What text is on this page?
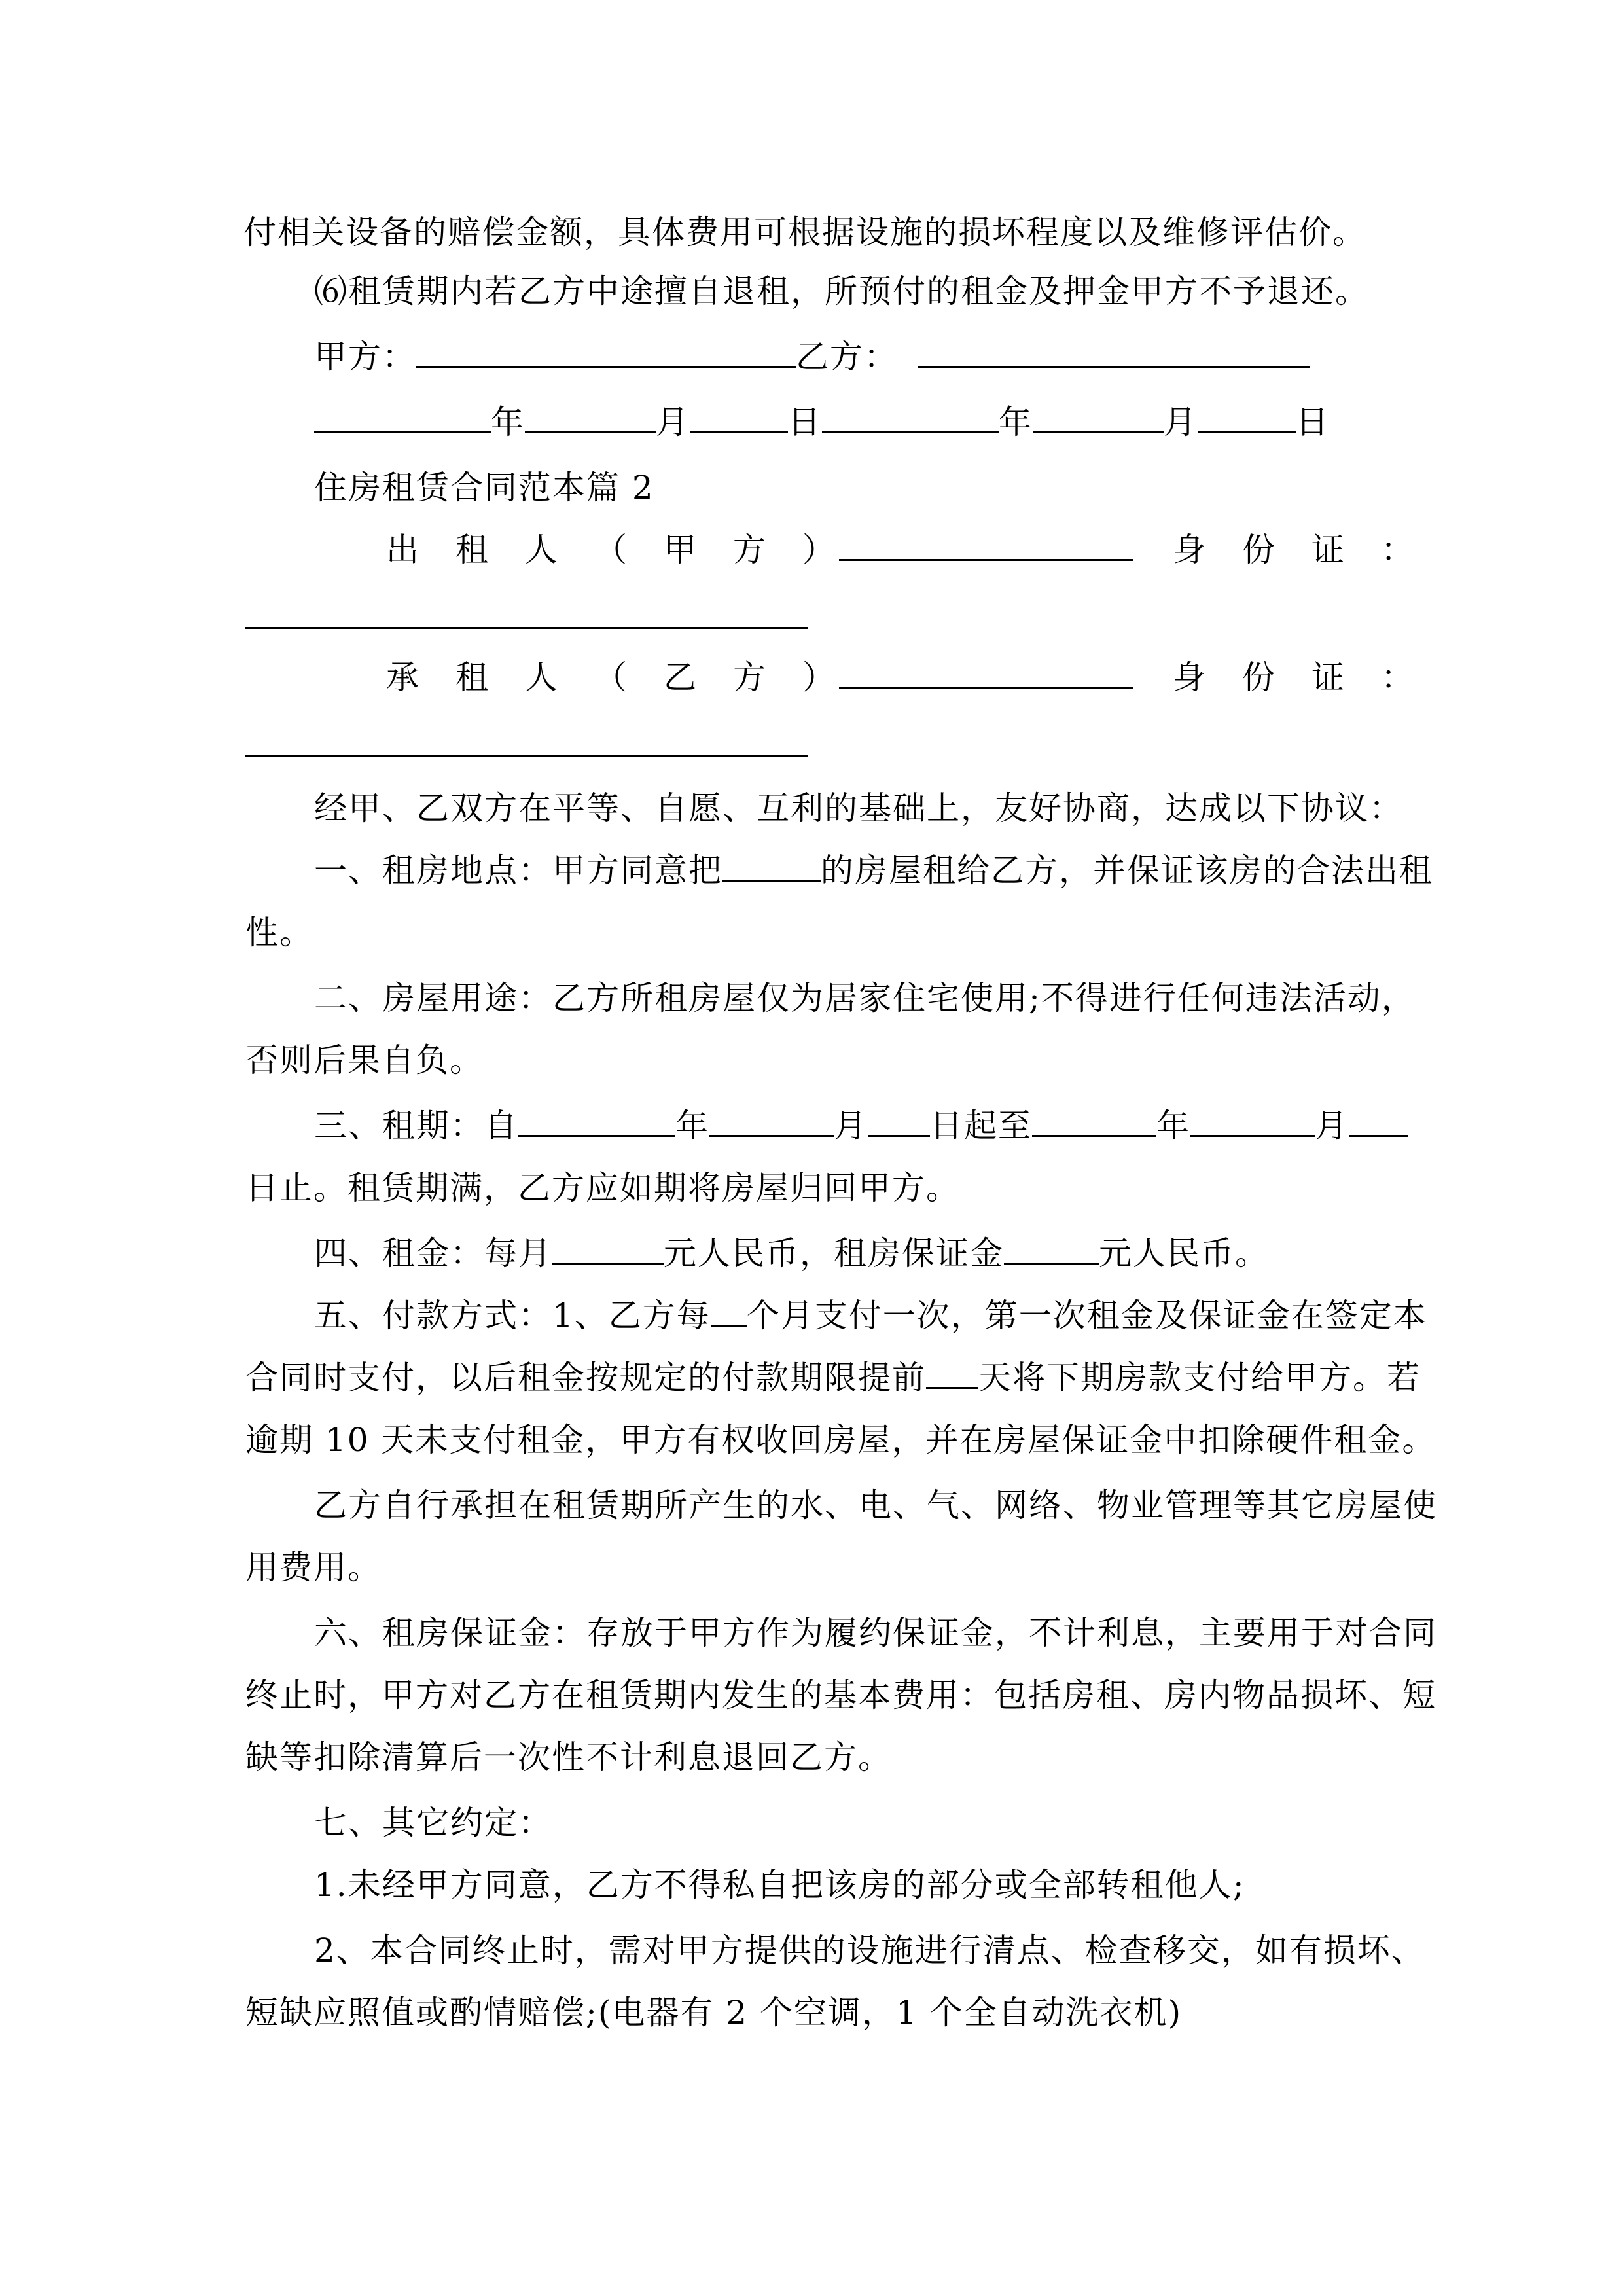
付相关设备的赔偿金额，具体费用可根据设施的损坏程度以及维修评估价。
⑹租赁期内若乙方中途擅自退租，所预付的租金及押金甲方不予退还。
甲方：	乙方：
年	月	日	年	月	日
住房租赁合同范本篇 2
出租人（甲方）	身份证：
承租人（乙方）	身份证：
经甲、乙双方在平等、自愿、互利的基础上，友好协商，达成以下协议：
一、租房地点：甲方同意把	的房屋租给乙方，并保证该房的合法出租
性。
二、房屋用途：乙方所租房屋仅为居家住宅使用;不得进行任何违法活动，
否则后果自负。
三、租期：自	年	月 日起至	年	月
日止。租赁期满，乙方应如期将房屋归回甲方。
四、租金：每月	元人民币，租房保证金	元人民币。
五、付款方式：1、乙方每 个月支付一次，第一次租金及保证金在签定本
合同时支付，以后租金按规定的付款期限提前 天将下期房款支付给甲方。若
逾期 10 天未支付租金，甲方有权收回房屋，并在房屋保证金中扣除硬件租金。
乙方自行承担在租赁期所产生的水、电、气、网络、物业管理等其它房屋使
用费用。
六、租房保证金：存放于甲方作为履约保证金，不计利息，主要用于对合同
终止时，甲方对乙方在租赁期内发生的基本费用：包括房租、房内物品损坏、短
缺等扣除清算后一次性不计利息退回乙方。
七、其它约定：
1.未经甲方同意，乙方不得私自把该房的部分或全部转租他人;
2、本合同终止时，需对甲方提供的设施进行清点、检查移交，如有损坏、
短缺应照值或酌情赔偿;(电器有 2 个空调，1 个全自动洗衣机)
